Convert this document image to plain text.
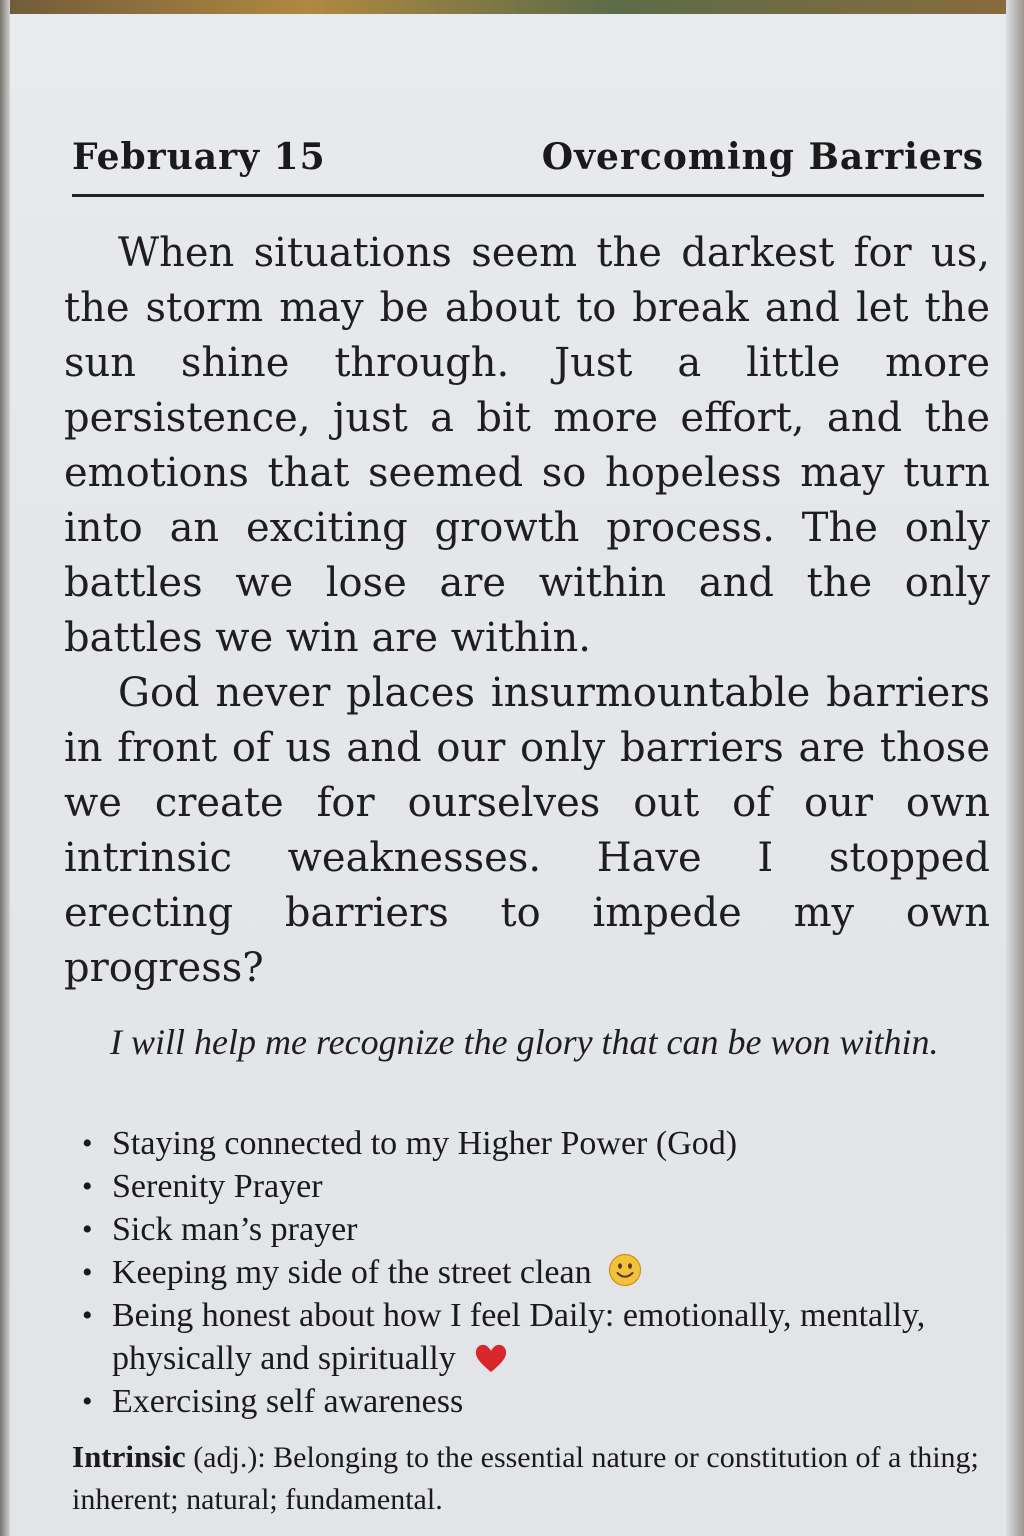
February 15	Overcoming Barriers

When situations seem the darkest for us, the storm may be about to break and let the sun shine through. Just a little more persistence, just a bit more effort, and the emotions that seemed so hopeless may turn into an exciting growth process. The only battles we lose are within and the only battles we win are within.

God never places insurmountable barriers in front of us and our only barriers are those we create for ourselves out of our own intrinsic weaknesses. Have I stopped erecting barriers to impede my own progress?

I will help me recognize the glory that can be won within.

• Staying connected to my Higher Power (God)
• Serenity Prayer
• Sick man’s prayer
• Keeping my side of the street clean
• Being honest about how I feel Daily: emotionally, mentally, physically and spiritually
• Exercising self awareness

Intrinsic (adj.): Belonging to the essential nature or constitution of a thing; inherent; natural; fundamental.
